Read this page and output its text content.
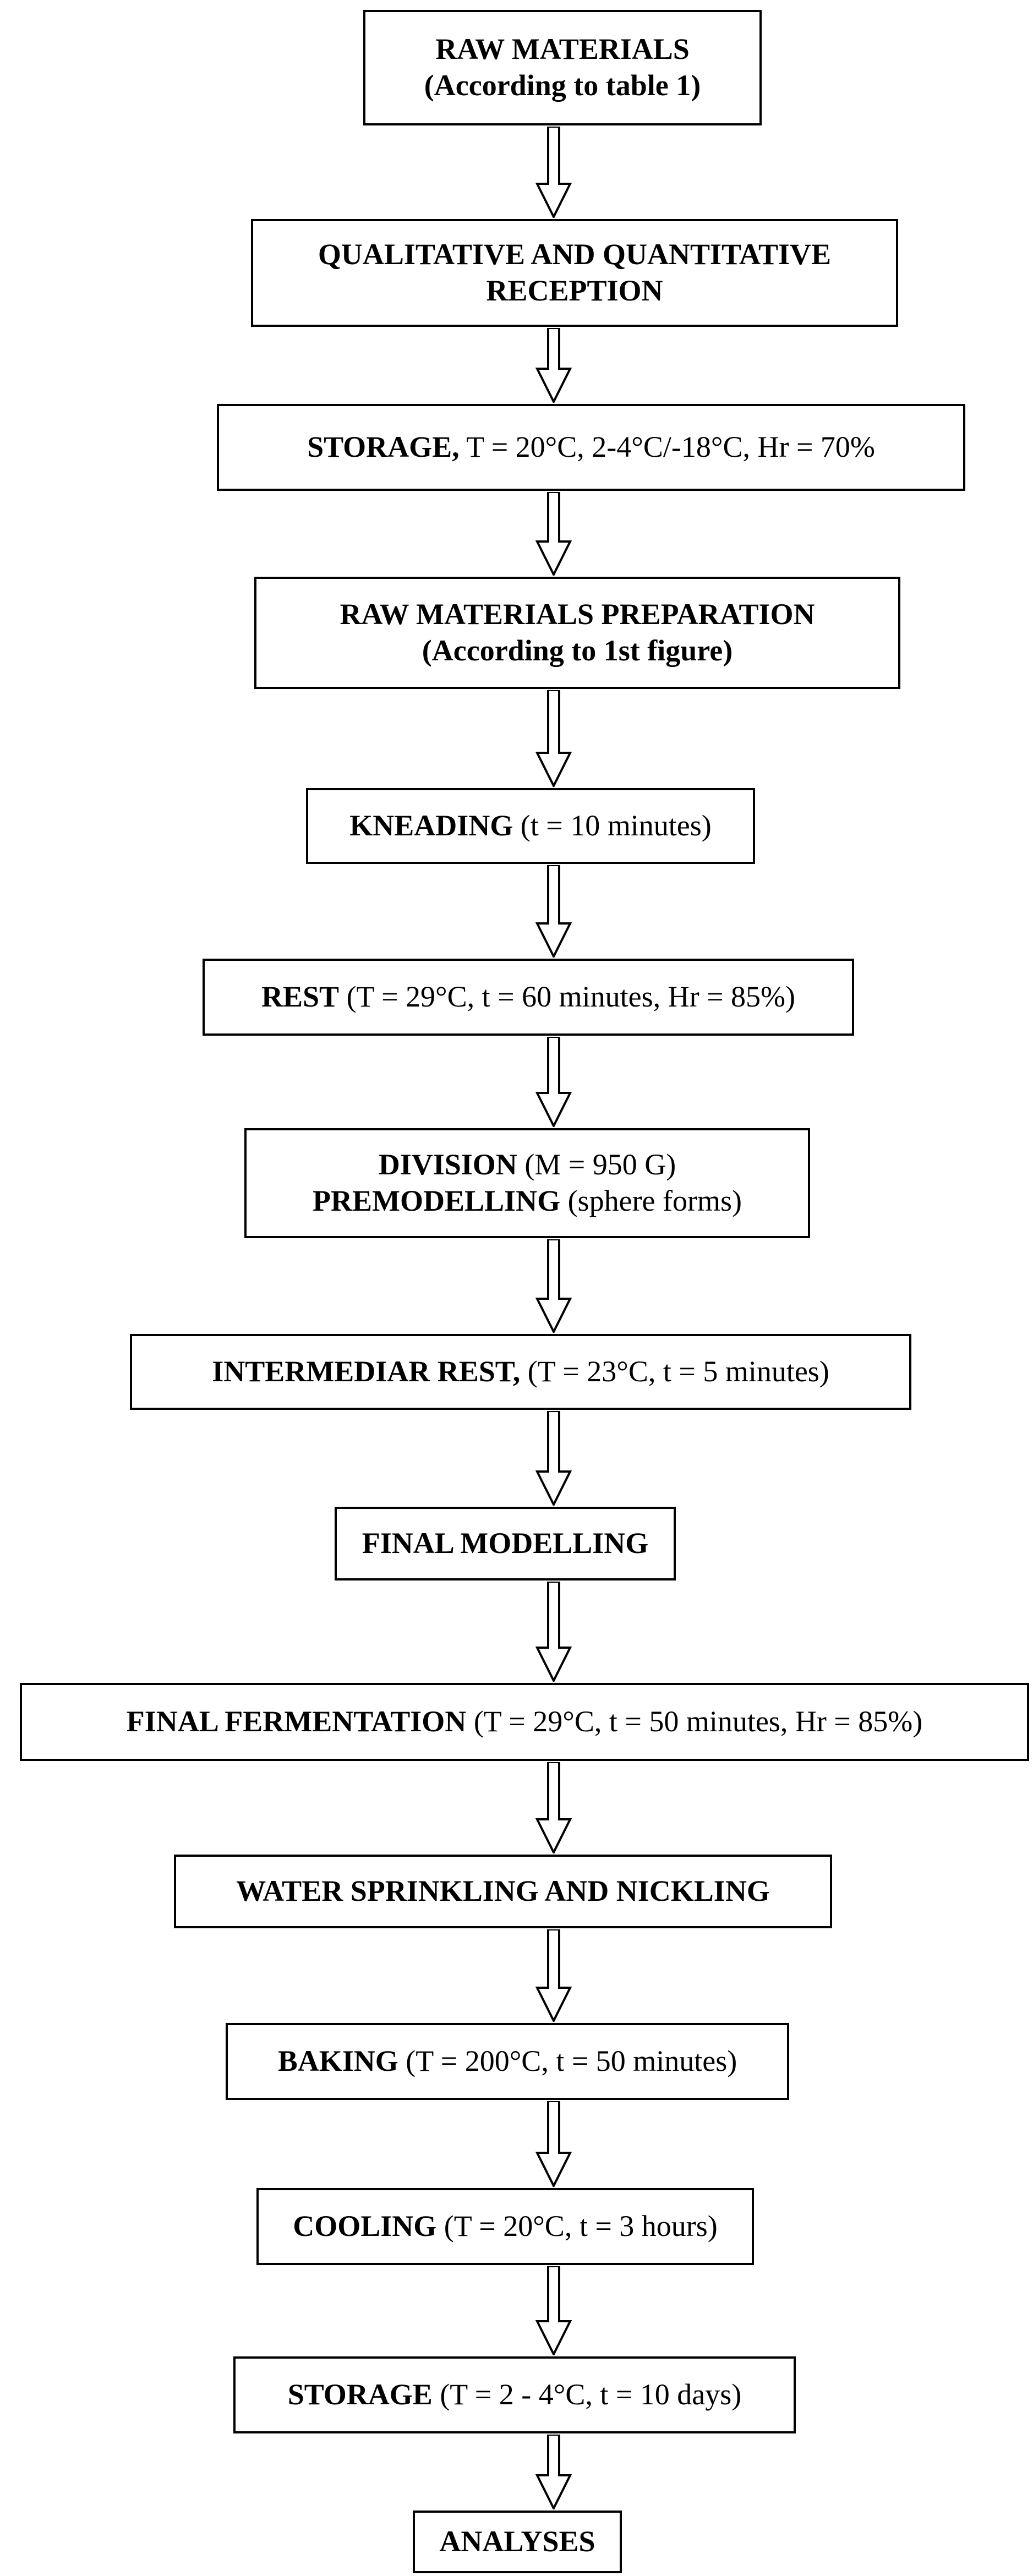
RAW MATERIALS
(According to table 1)
QUALITATIVE AND QUANTITATIVE
RECEPTION
STORAGE, T = 20°C, 2-4°C/-18°C, Hr = 70%
RAW MATERIALS PREPARATION
(According to 1st figure)
KNEADING (t = 10 minutes)
REST (T = 29°C, t = 60 minutes, Hr = 85%)
DIVISION (M = 950 G)
PREMODELLING (sphere forms)
INTERMEDIAR REST, (T = 23°C, t = 5 minutes)
FINAL MODELLING
FINAL FERMENTATION (T = 29°C, t = 50 minutes, Hr = 85%)
WATER SPRINKLING AND NICKLING
BAKING (T = 200°C, t = 50 minutes)
COOLING (T = 20°C, t = 3 hours)
STORAGE (T = 2 - 4°C, t = 10 days)
ANALYSES
